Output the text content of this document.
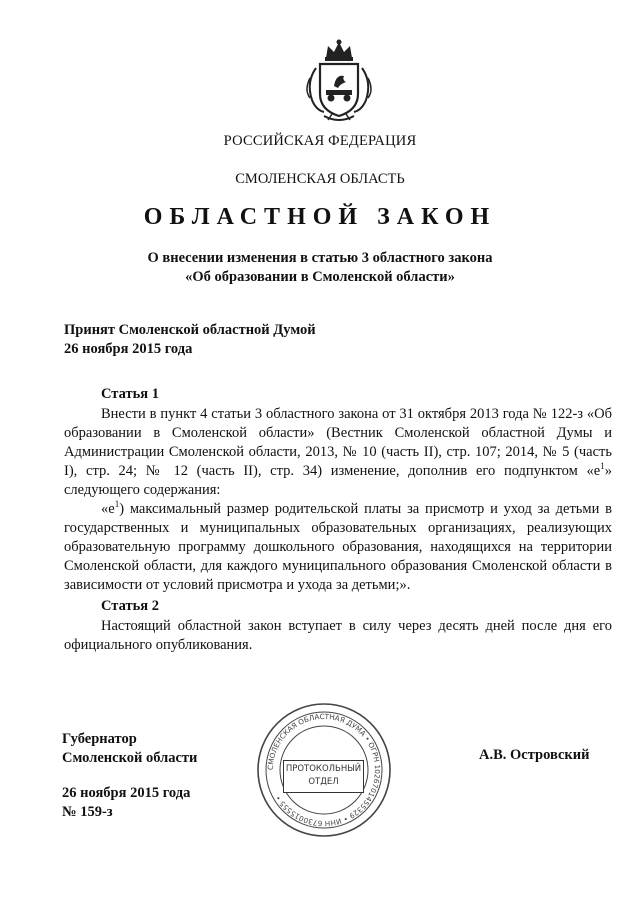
РОССИЙСКАЯ ФЕДЕРАЦИЯ
СМОЛЕНСКАЯ ОБЛАСТЬ
ОБЛАСТНОЙ ЗАКОН
О внесении изменения в статью 3 областного закона
«Об образовании в Смоленской области»
Принят Смоленской областной Думой
26 ноября 2015 года
Статья 1

Внести в пункт 4 статьи 3 областного закона от 31 октября 2013 года № 122-з «Об образовании в Смоленской области» (Вестник Смоленской областной Думы и Администрации Смоленской области, 2013, № 10 (часть II), стр. 107; 2014, № 5 (часть I), стр. 24; № 12 (часть II), стр. 34) изменение, дополнив его подпунктом «$е^1$» следующего содержания:

«$е^1$) максимальный размер родительской платы за присмотр и уход за детьми в государственных и муниципальных образовательных организациях, реализующих образовательную программу дошкольного образования, находящихся на территории Смоленской области, для каждого муниципального образования Смоленской области в зависимости от условий присмотра и ухода за детьми;».

Статья 2

Настоящий областной закон вступает в силу через десять дней после дня его официального опубликования.

Губернатор
Смоленской области	А.В. Островский
26 ноября 2015 года
№ 159-з
СМОЛЕНСКАЯ ОБЛАСТНАЯ ДУМА • ОГРН 1026701455329 • ИНН 6730015555 •
ПРОТОКОЛЬНЫЙ
ОТДЕЛ
